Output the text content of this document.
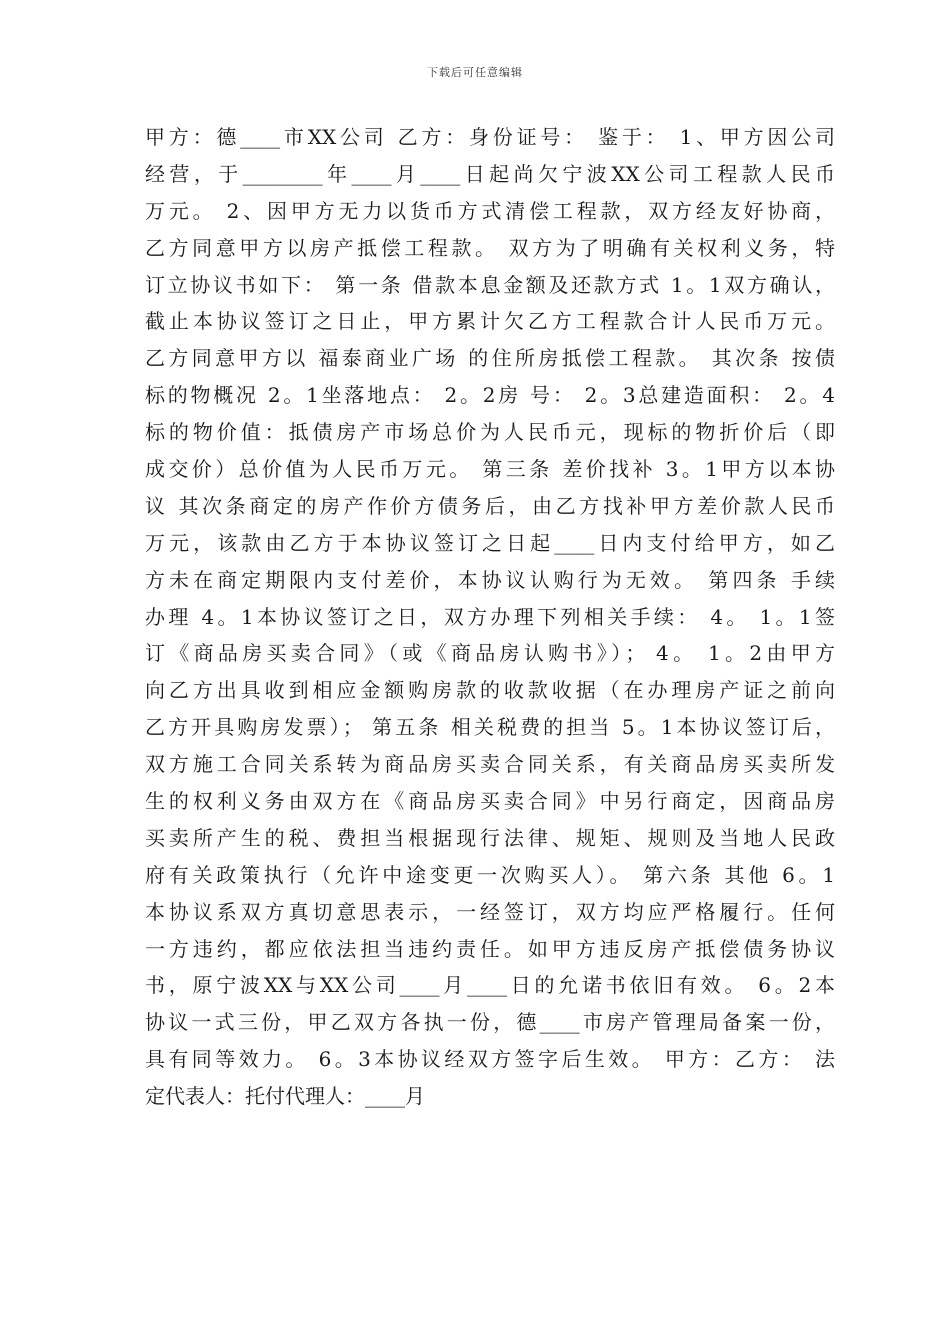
下载后可任意编辑
甲方：德____市XX公司 乙方：身份证号： 鉴于： 1、甲方因公司
经营，于________年____月____日起尚欠宁波XX公司工程款人民币
万元。 2、因甲方无力以货币方式清偿工程款，双方经友好协商，
乙方同意甲方以房产抵偿工程款。 双方为了明确有关权利义务，特
订立协议书如下： 第一条 借款本息金额及还款方式 1。1双方确认，
截止本协议签订之日止，甲方累计欠乙方工程款合计人民币万元。
乙方同意甲方以 福泰商业广场 的住所房抵偿工程款。 其次条 按债
标的物概况 2。1坐落地点： 2。2房 号： 2。3总建造面积： 2。4
标的物价值：抵债房产市场总价为人民币元，现标的物折价后（即
成交价）总价值为人民币万元。 第三条 差价找补 3。1甲方以本协
议 其次条商定的房产作价方债务后，由乙方找补甲方差价款人民币
万元，该款由乙方于本协议签订之日起____日内支付给甲方，如乙
方未在商定期限内支付差价，本协议认购行为无效。 第四条 手续
办理 4。1本协议签订之日，双方办理下列相关手续： 4。 1。1签
订《商品房买卖合同》（或《商品房认购书》）； 4。 1。2由甲方
向乙方出具收到相应金额购房款的收款收据（在办理房产证之前向
乙方开具购房发票）； 第五条 相关税费的担当 5。1本协议签订后，
双方施工合同关系转为商品房买卖合同关系，有关商品房买卖所发
生的权利义务由双方在《商品房买卖合同》中另行商定，因商品房
买卖所产生的税、费担当根据现行法律、规矩、规则及当地人民政
府有关政策执行（允许中途变更一次购买人）。 第六条 其他 6。1
本协议系双方真切意思表示，一经签订，双方均应严格履行。任何
一方违约，都应依法担当违约责任。如甲方违反房产抵偿债务协议
书，原宁波XX与XX公司____月____日的允诺书依旧有效。 6。2本
协议一式三份，甲乙双方各执一份，德____市房产管理局备案一份，
具有同等效力。 6。3本协议经双方签字后生效。 甲方：乙方： 法
定代表人：托付代理人：____月
